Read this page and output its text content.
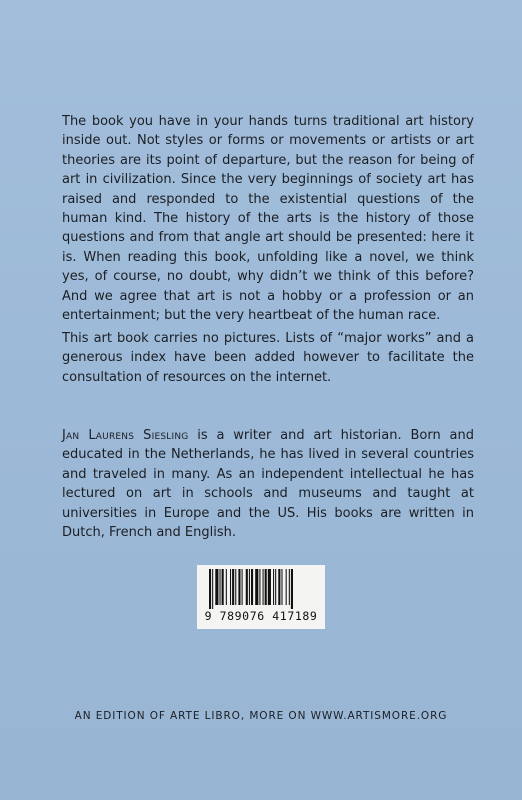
The book you have in your hands turns traditional art history inside out. Not styles or forms or movements or artists or art theories are its point of departure, but the reason for being of art in civilization. Since the very beginnings of society art has raised and responded to the existential questions of the human kind. The history of the arts is the history of those questions and from that angle art should be presented: here it is. When reading this book, unfolding like a novel, we think yes, of course, no doubt, why didn’t we think of this before? And we agree that art is not a hobby or a profession or an entertainment; but the very heartbeat of the human race.

This art book carries no pictures. Lists of “major works” and a generous index have been added however to facilitate the consultation of resources on the internet.

Jan Laurens Siesling is a writer and art historian. Born and educated in the Netherlands, he has lived in several countries and traveled in many. As an independent intellectual he has lectured on art in schools and museums and taught at universities in Europe and the US. His books are written in Dutch, French and English.

9 789076 417189
AN EDITION OF ARTE LIBRO, MORE ON WWW.ARTISMORE.ORG
